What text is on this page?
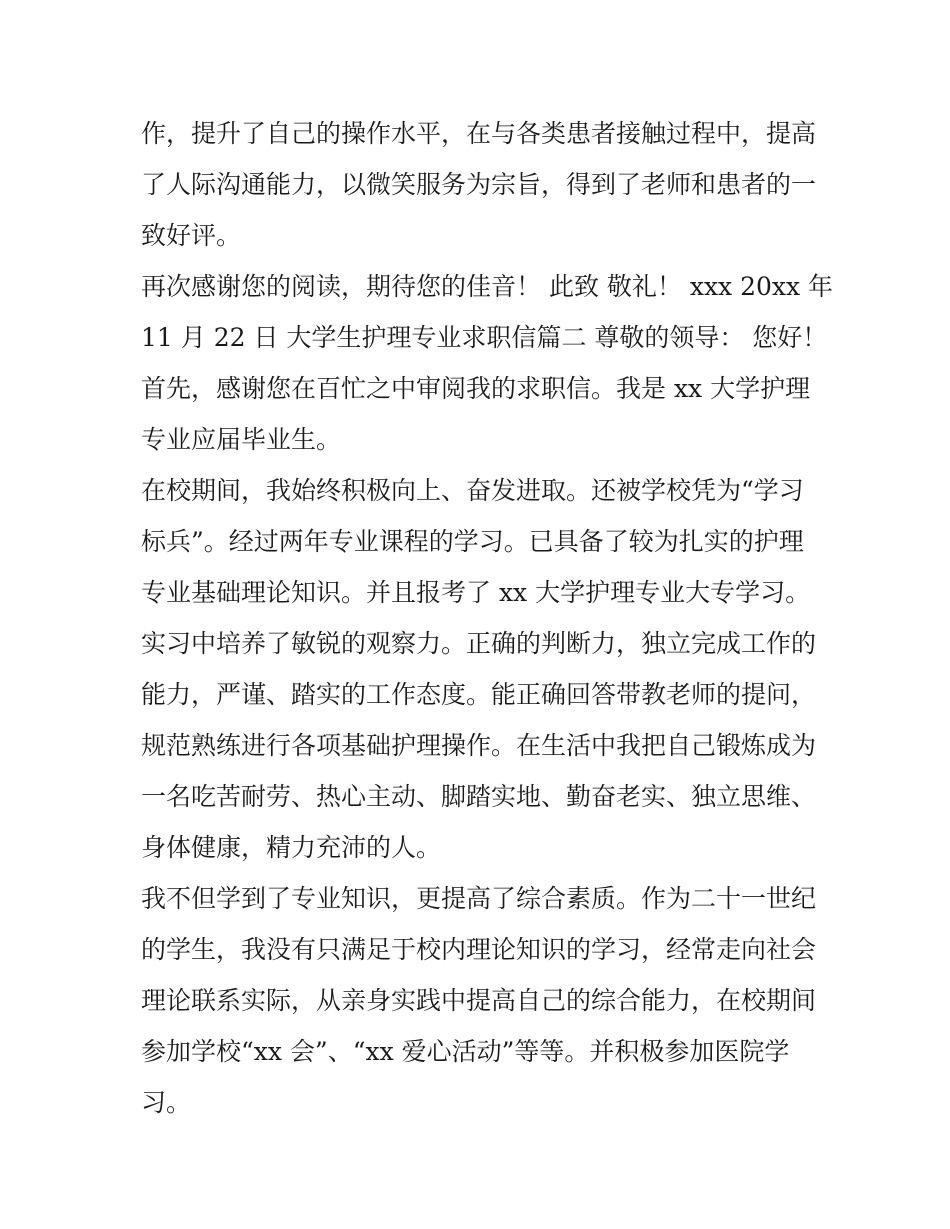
作，提升了自己的操作水平，在与各类患者接触过程中，提高
了人际沟通能力，以微笑服务为宗旨，得到了老师和患者的一
致好评。
再次感谢您的阅读，期待您的佳音！ 此致 敬礼！ xxx 20xx 年
11 月 22 日 大学生护理专业求职信篇二 尊敬的领导： 您好！
首先，感谢您在百忙之中审阅我的求职信。我是 xx 大学护理
专业应届毕业生。
在校期间，我始终积极向上、奋发进取。还被学校凭为“学习
标兵”。经过两年专业课程的学习。已具备了较为扎实的护理
专业基础理论知识。并且报考了 xx 大学护理专业大专学习。
实习中培养了敏锐的观察力。正确的判断力，独立完成工作的
能力，严谨、踏实的工作态度。能正确回答带教老师的提问，
规范熟练进行各项基础护理操作。在生活中我把自己锻炼成为
一名吃苦耐劳、热心主动、脚踏实地、勤奋老实、独立思维、
身体健康，精力充沛的人。
我不但学到了专业知识，更提高了综合素质。作为二十一世纪
的学生，我没有只满足于校内理论知识的学习，经常走向社会
理论联系实际，从亲身实践中提高自己的综合能力，在校期间
参加学校“xx 会”、“xx 爱心活动”等等。并积极参加医院学
习。
